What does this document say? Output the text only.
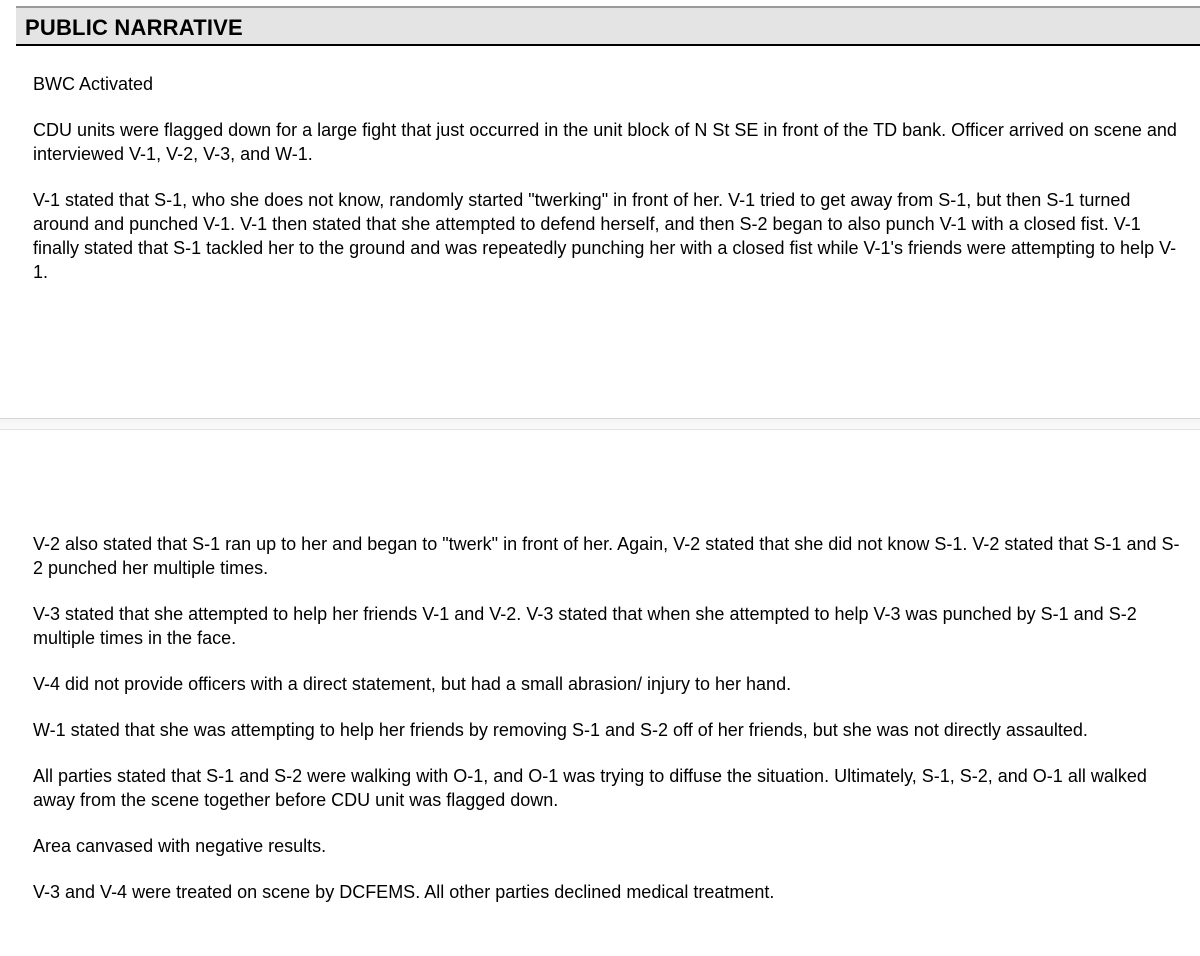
PUBLIC NARRATIVE

BWC Activated

CDU units were flagged down for a large fight that just occurred in the unit block of N St SE in front of the TD bank. Officer arrived on scene and interviewed V-1, V-2, V-3, and W-1.

V-1 stated that S-1, who she does not know, randomly started "twerking" in front of her. V-1 tried to get away from S-1, but then S-1 turned around and punched V-1. V-1 then stated that she attempted to defend herself, and then S-2 began to also punch V-1 with a closed fist. V-1 finally stated that S-1 tackled her to the ground and was repeatedly punching her with a closed fist while V-1's friends were attempting to help V-1.

V-2 also stated that S-1 ran up to her and began to "twerk" in front of her. Again, V-2 stated that she did not know S-1. V-2 stated that S-1 and S-2 punched her multiple times.

V-3 stated that she attempted to help her friends V-1 and V-2. V-3 stated that when she attempted to help V-3 was punched by S-1 and S-2 multiple times in the face.

V-4 did not provide officers with a direct statement, but had a small abrasion/ injury to her hand.

W-1 stated that she was attempting to help her friends by removing S-1 and S-2 off of her friends, but she was not directly assaulted.

All parties stated that S-1 and S-2 were walking with O-1, and O-1 was trying to diffuse the situation. Ultimately, S-1, S-2, and O-1 all walked away from the scene together before CDU unit was flagged down.

Area canvased with negative results.

V-3 and V-4 were treated on scene by DCFEMS. All other parties declined medical treatment.
